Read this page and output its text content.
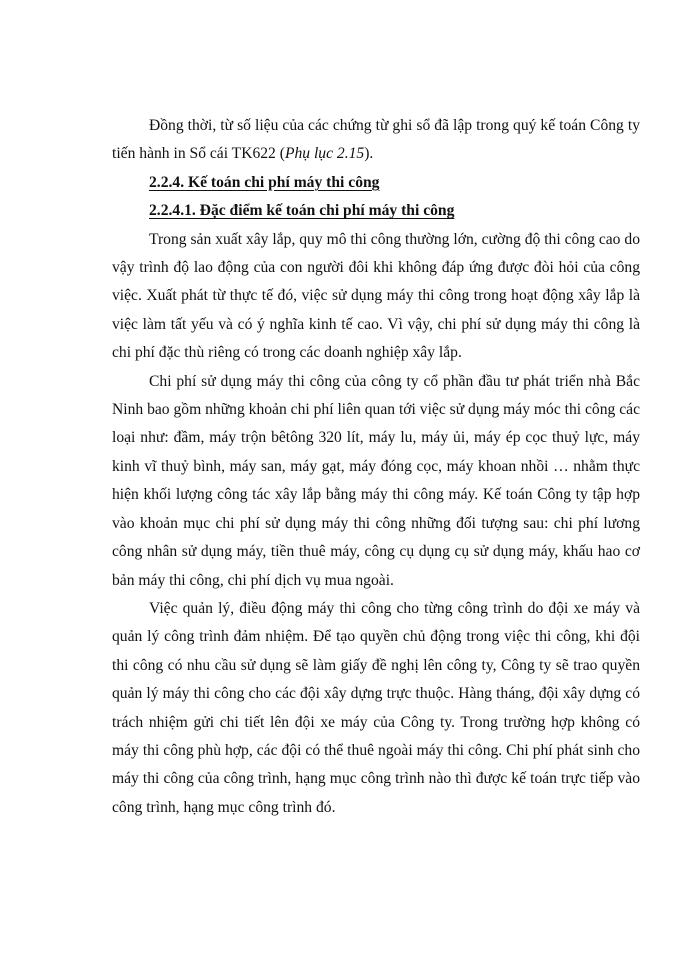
Đồng thời, từ số liệu của các chứng từ ghi sổ đã lập trong quý kế toán Công ty tiến hành in Sổ cái TK622 (Phụ lục 2.15).

2.2.4. Kế toán chi phí máy thi công

2.2.4.1. Đặc điểm kế toán chi phí máy thi công

Trong sản xuất xây lắp, quy mô thi công thường lớn, cường độ thi công cao do vậy trình độ lao động của con người đôi khi không đáp ứng được đòi hỏi của công việc. Xuất phát từ thực tế đó, việc sử dụng máy thi công trong hoạt động xây lắp là việc làm tất yếu và có ý nghĩa kinh tế cao. Vì vậy, chi phí sử dụng máy thi công là chi phí đặc thù riêng có trong các doanh nghiệp xây lắp.

Chi phí sử dụng máy thi công của công ty cổ phần đầu tư phát triển nhà Bắc Ninh bao gồm những khoản chi phí liên quan tới việc sử dụng máy móc thi công các loại như: đầm, máy trộn bêtông 320 lít, máy lu, máy ủi, máy ép cọc thuỷ lực, máy kinh vĩ thuỷ bình, máy san, máy gạt, máy đóng cọc, máy khoan nhồi … nhằm thực hiện khối lượng công tác xây lắp bằng máy thi công máy. Kế toán Công ty tập hợp vào khoản mục chi phí sử dụng máy thi công những đối tượng sau: chi phí lương công nhân sử dụng máy, tiền thuê máy, công cụ dụng cụ sử dụng máy, khấu hao cơ bản máy thi công, chi phí dịch vụ mua ngoài.

Việc quản lý, điều động máy thi công cho từng công trình do đội xe máy và quản lý công trình đảm nhiệm. Để tạo quyền chủ động trong việc thi công, khi đội thi công có nhu cầu sử dụng sẽ làm giấy đề nghị lên công ty, Công ty sẽ trao quyền quản lý máy thi công cho các đội xây dựng trực thuộc. Hàng tháng, đội xây dựng có trách nhiệm gửi chi tiết lên đội xe máy của Công ty. Trong trường hợp không có máy thi công phù hợp, các đội có thể thuê ngoài máy thi công. Chi phí phát sinh cho máy thi công của công trình, hạng mục công trình nào thì được kế toán trực tiếp vào công trình, hạng mục công trình đó.
